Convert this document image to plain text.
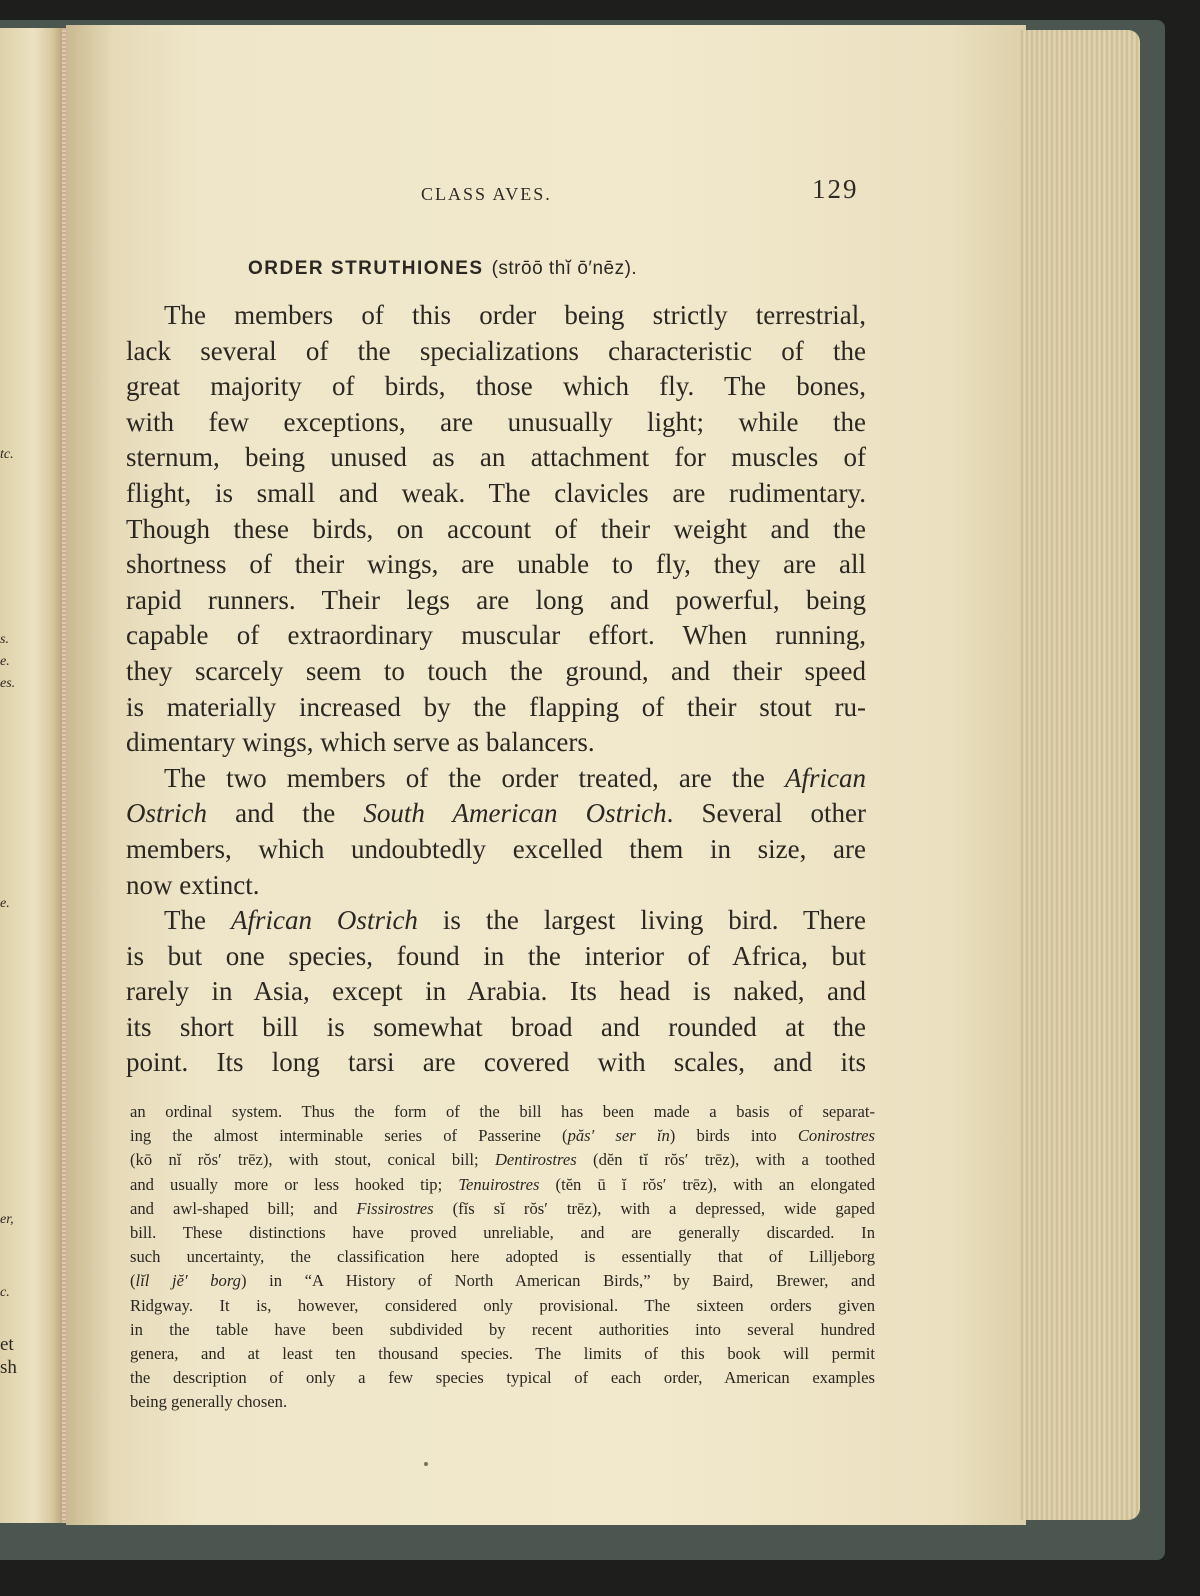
tc.
s.
e.
es.
e.
er,
c.
et
sh
CLASS AVES.	129
ORDER STRUTHIONES (strōō thĭ ō′nēz).
The members of this order being strictly terrestrial,
lack several of the specializations characteristic of the
great majority of birds, those which fly. The bones,
with few exceptions, are unusually light; while the
sternum, being unused as an attachment for muscles of
flight, is small and weak. The clavicles are rudimentary.
Though these birds, on account of their weight and the
shortness of their wings, are unable to fly, they are all
rapid runners. Their legs are long and powerful, being
capable of extraordinary muscular effort. When running,
they scarcely seem to touch the ground, and their speed
is materially increased by the flapping of their stout ru-
dimentary wings, which serve as balancers.
The two members of the order treated, are the African
Ostrich and the South American Ostrich. Several other
members, which undoubtedly excelled them in size, are
now extinct.
The African Ostrich is the largest living bird. There
is but one species, found in the interior of Africa, but
rarely in Asia, except in Arabia. Its head is naked, and
its short bill is somewhat broad and rounded at the
point. Its long tarsi are covered with scales, and its
an ordinal system. Thus the form of the bill has been made a basis of separat-
ing the almost interminable series of Passerine (păs′ ser ĭn) birds into Conirostres
(kō nĭ rŏs′ trēz), with stout, conical bill; Dentirostres (dĕn tĭ rŏs′ trēz), with a toothed
and usually more or less hooked tip; Tenuirostres (tĕn ū ĭ rŏs′ trēz), with an elongated
and awl-shaped bill; and Fissirostres (fĭs sĭ rŏs′ trēz), with a depressed, wide gaped
bill. These distinctions have proved unreliable, and are generally discarded. In
such uncertainty, the classification here adopted is essentially that of Lilljeborg
(lĭl jĕ′ borg) in “A History of North American Birds,” by Baird, Brewer, and
Ridgway. It is, however, considered only provisional. The sixteen orders given
in the table have been subdivided by recent authorities into several hundred
genera, and at least ten thousand species. The limits of this book will permit
the description of only a few species typical of each order, American examples
being generally chosen.
